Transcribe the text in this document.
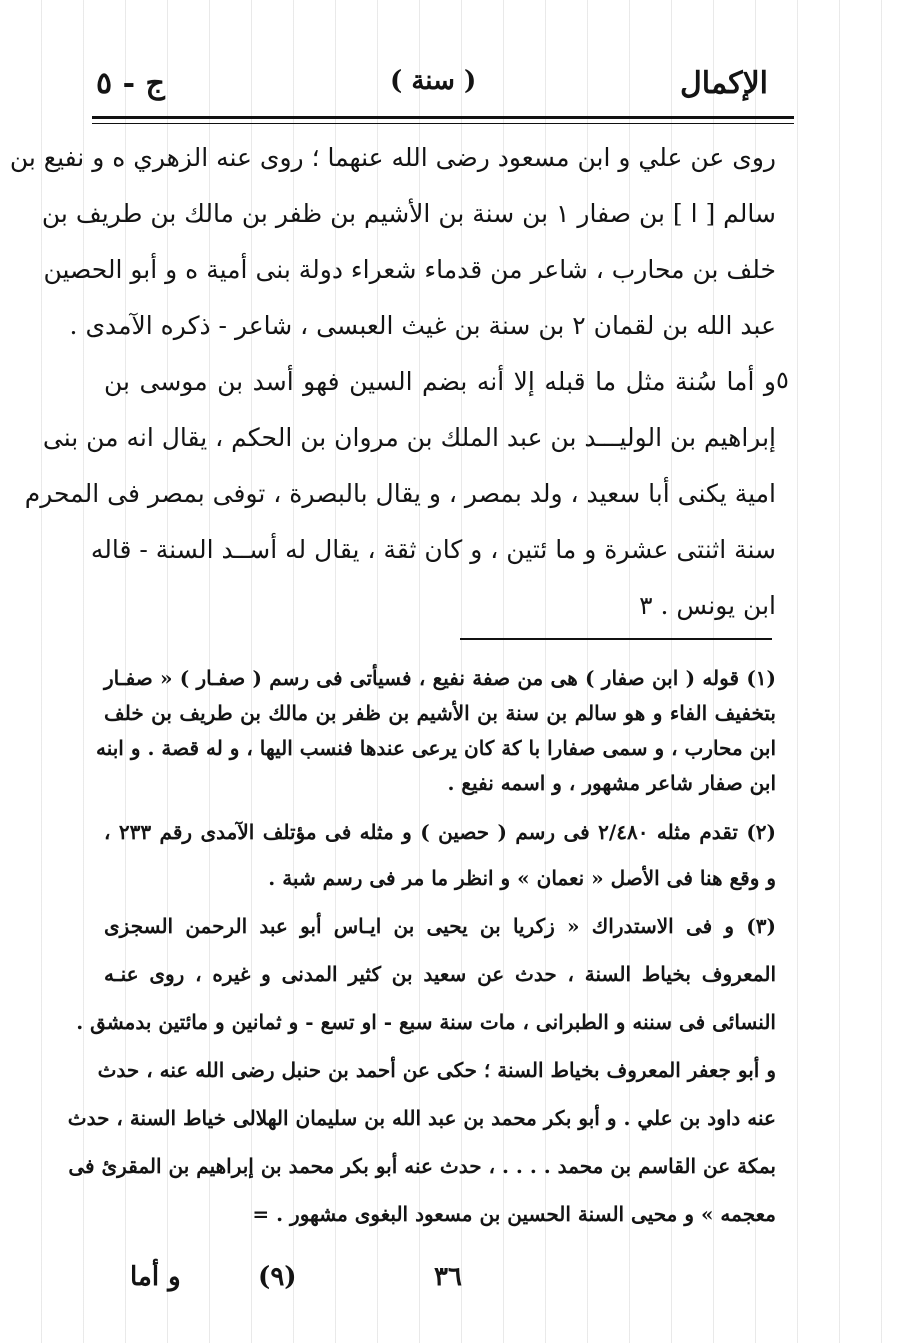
ج - ٥	( سنة )	الإكمال
روى عن علي و ابن مسعود رضى الله عنهما ؛ روى عنه الزهري ه و نفيع بن
سالم [ ا ] بن صفار ١ بن سنة بن الأشيم بن ظفر بن مالك بن طريف بن
خلف بن محارب ، شاعر من قدماء شعراء دولة بنى أمية ه و أبو الحصين
عبد الله بن لقمان ٢ بن سنة بن غيث العبسى ، شاعر - ذكره الآمدى .
و أما سُنة مثل ما قبله إلا أنه بضم السين فهو أسد بن موسى بن
إبراهيم بن الوليـــد بن عبد الملك بن مروان بن الحكم ، يقال انه من بنى
امية يكنى أبا سعيد ، ولد بمصر ، و يقال بالبصرة ، توفى بمصر فى المحرم
سنة اثنتى عشرة و ما ئتين ، و كان ثقة ، يقال له أســد السنة - قاله
ابن يونس . ٣
٥
(١) قوله ( ابن صفار ) هى من صفة نفيع ، فسيأتى فى رسم ( صفـار ) « صفـار
بتخفيف الفاء و هو سالم بن سنة بن الأشيم بن ظفر بن مالك بن طريف بن خلف
ابن محارب ، و سمى صفارا با كة كان يرعى عندها فنسب اليها ، و له قصة . و ابنه
ابن صفار شاعر مشهور ، و اسمه نفيع .
(٢) تقدم مثله ٢/٤٨٠ فى رسم ( حصين ) و مثله فى مؤتلف الآمدى رقم ٢٣٣ ،
و وقع هنا فى الأصل « نعمان » و انظر ما مر فى رسم شبة .
(٣) و فى الاستدراك « زكريا بن يحيى بن ايـاس أبو عبد الرحمن السجزى
المعروف بخياط السنة ، حدث عن سعيد بن كثير المدنى و غيره ، روى عنـه
النسائى فى سننه و الطبرانى ، مات سنة سبع - او تسع - و ثمانين و مائتين بدمشق .
و أبو جعفر المعروف بخياط السنة ؛ حكى عن أحمد بن حنبل رضى الله عنه ، حدث
عنه داود بن علي . و أبو بكر محمد بن عبد الله بن سليمان الهلالى خياط السنة ، حدث
بمكة عن القاسم بن محمد . . . . ، حدث عنه أبو بكر محمد بن إبراهيم بن المقرئ فى
معجمه » و محيى السنة الحسين بن مسعود البغوى مشهور . =
و أما	(٩)	٣٦
